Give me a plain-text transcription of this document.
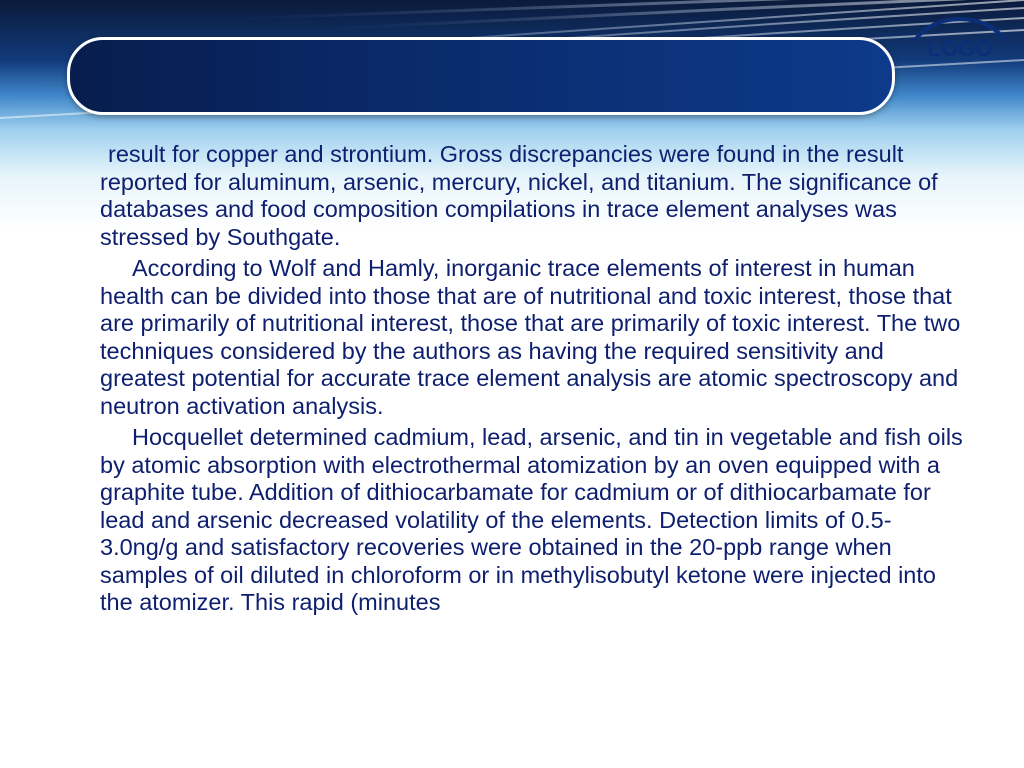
LOGO

result for copper and strontium. Gross discrepancies were found in the result reported for aluminum, arsenic, mercury, nickel, and titanium. The significance of databases and food composition compilations in trace element analyses was stressed by Southgate.

According to Wolf and Hamly, inorganic trace elements of interest in human health can be divided into those that are of nutritional and toxic interest, those that are primarily of nutritional interest, those that are primarily of toxic interest. The two techniques considered by the authors as having the required sensitivity and greatest potential for accurate trace element analysis are atomic spectroscopy and neutron activation analysis.

Hocquellet determined cadmium, lead, arsenic, and tin in vegetable and fish oils by atomic absorption with electrothermal atomization by an oven equipped with a graphite tube. Addition of dithiocarbamate for cadmium or of dithiocarbamate for lead and arsenic decreased volatility of the elements. Detection limits of 0.5-3.0ng/g and satisfactory recoveries were obtained in the 20-ppb range when samples of oil diluted in chloroform or in methylisobutyl ketone were injected into the atomizer. This rapid (minutes
